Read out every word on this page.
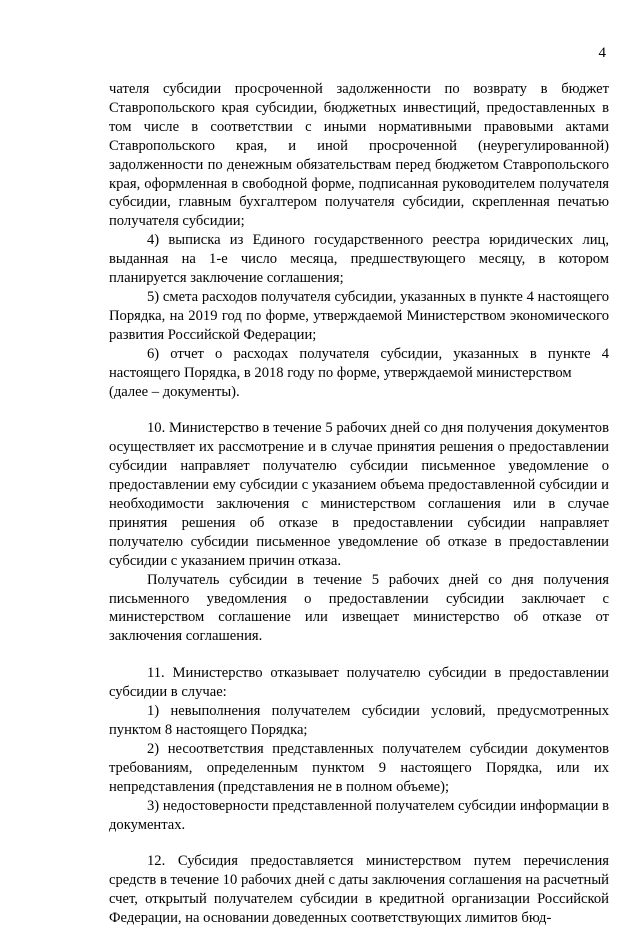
4

чателя субсидии просроченной задолженности по возврату в бюджет Ставропольского края субсидии, бюджетных инвестиций, предоставленных в том числе в соответствии с иными нормативными правовыми актами Ставропольского края, и иной просроченной (неурегулированной) задолженности по денежным обязательствам перед бюджетом Ставропольского края, оформленная в свободной форме, подписанная руководителем получателя субсидии, главным бухгалтером получателя субсидии, скрепленная печатью получателя субсидии;

4) выписка из Единого государственного реестра юридических лиц, выданная на 1-е число месяца, предшествующего месяцу, в котором планируется заключение соглашения;

5) смета расходов получателя субсидии, указанных в пункте 4 настоящего Порядка, на 2019 год по форме, утверждаемой Министерством экономического развития Российской Федерации;

6) отчет о расходах получателя субсидии, указанных в пункте 4 настоящего Порядка, в 2018 году по форме, утверждаемой министерством

(далее – документы).

10. Министерство в течение 5 рабочих дней со дня получения документов осуществляет их рассмотрение и в случае принятия решения о предоставлении субсидии направляет получателю субсидии письменное уведомление о предоставлении ему субсидии с указанием объема предоставленной субсидии и необходимости заключения с министерством соглашения или в случае принятия решения об отказе в предоставлении субсидии направляет получателю субсидии письменное уведомление об отказе в предоставлении субсидии с указанием причин отказа.

Получатель субсидии в течение 5 рабочих дней со дня получения письменного уведомления о предоставлении субсидии заключает с министерством соглашение или извещает министерство об отказе от заключения соглашения.

11. Министерство отказывает получателю субсидии в предоставлении субсидии в случае:

1) невыполнения получателем субсидии условий, предусмотренных пунктом 8 настоящего Порядка;

2) несоответствия представленных получателем субсидии документов требованиям, определенным пунктом 9 настоящего Порядка, или их непредставления (представления не в полном объеме);

3) недостоверности представленной получателем субсидии информации в документах.

12. Субсидия предоставляется министерством путем перечисления средств в течение 10 рабочих дней с даты заключения соглашения на расчетный счет, открытый получателем субсидии в кредитной организации Российской Федерации, на основании доведенных соответствующих лимитов бюд-
